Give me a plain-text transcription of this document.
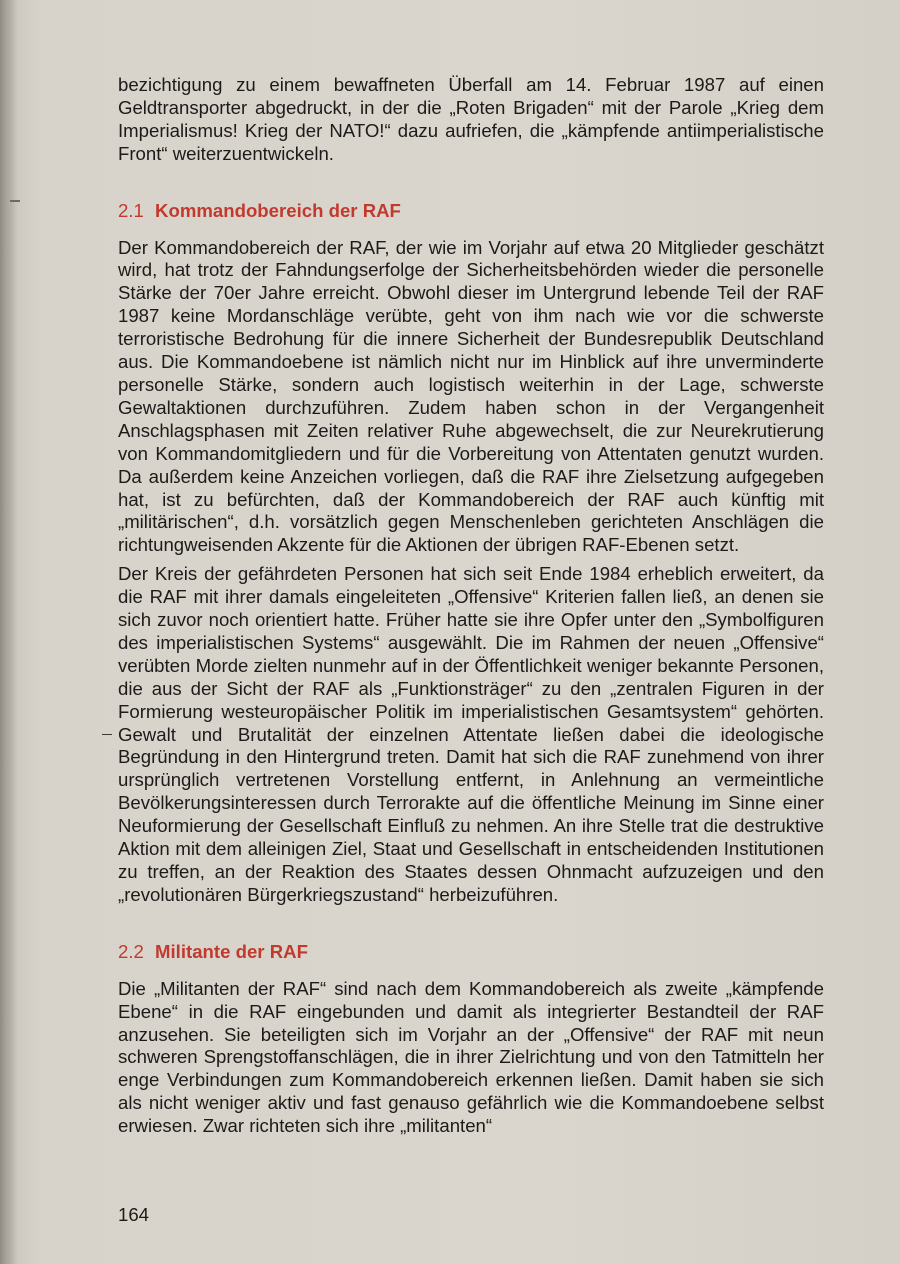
bezichtigung zu einem bewaffneten Überfall am 14. Februar 1987 auf einen Geldtransporter abgedruckt, in der die „Roten Brigaden“ mit der Parole „Krieg dem Imperialismus! Krieg der NATO!“ dazu aufriefen, die „kämpfende antiimperialistische Front“ weiterzuentwickeln.

2.1 Kommandobereich der RAF

Der Kommandobereich der RAF, der wie im Vorjahr auf etwa 20 Mitglieder geschätzt wird, hat trotz der Fahndungserfolge der Sicherheitsbehörden wieder die personelle Stärke der 70er Jahre erreicht. Obwohl dieser im Untergrund lebende Teil der RAF 1987 keine Mordanschläge verübte, geht von ihm nach wie vor die schwerste terroristische Bedrohung für die innere Sicherheit der Bundesrepublik Deutschland aus. Die Kommandoebene ist nämlich nicht nur im Hinblick auf ihre unverminderte personelle Stärke, sondern auch logistisch weiterhin in der Lage, schwerste Gewaltaktionen durchzuführen. Zudem haben schon in der Vergangenheit Anschlagsphasen mit Zeiten relativer Ruhe abgewechselt, die zur Neurekrutierung von Kommandomitgliedern und für die Vorbereitung von Attentaten genutzt wurden. Da außerdem keine Anzeichen vorliegen, daß die RAF ihre Zielsetzung aufgegeben hat, ist zu befürchten, daß der Kommandobereich der RAF auch künftig mit „militärischen“, d.h. vorsätzlich gegen Menschenleben gerichteten Anschlägen die richtungweisenden Akzente für die Aktionen der übrigen RAF-Ebenen setzt.

Der Kreis der gefährdeten Personen hat sich seit Ende 1984 erheblich erweitert, da die RAF mit ihrer damals eingeleiteten „Offensive“ Kriterien fallen ließ, an denen sie sich zuvor noch orientiert hatte. Früher hatte sie ihre Opfer unter den „Symbolfiguren des imperialistischen Systems“ ausgewählt. Die im Rahmen der neuen „Offensive“ verübten Morde zielten nunmehr auf in der Öffentlichkeit weniger bekannte Personen, die aus der Sicht der RAF als „Funktionsträger“ zu den „zentralen Figuren in der Formierung westeuropäischer Politik im imperialistischen Gesamtsystem“ gehörten. Gewalt und Brutalität der einzelnen Attentate ließen dabei die ideologische Begründung in den Hintergrund treten. Damit hat sich die RAF zunehmend von ihrer ursprünglich vertretenen Vorstellung entfernt, in Anlehnung an vermeintliche Bevölkerungsinteressen durch Terrorakte auf die öffentliche Meinung im Sinne einer Neuformierung der Gesellschaft Einfluß zu nehmen. An ihre Stelle trat die destruktive Aktion mit dem alleinigen Ziel, Staat und Gesellschaft in entscheidenden Institutionen zu treffen, an der Reaktion des Staates dessen Ohnmacht aufzuzeigen und den „revolutionären Bürgerkriegszustand“ herbeizuführen.

2.2 Militante der RAF

Die „Militanten der RAF“ sind nach dem Kommandobereich als zweite „kämpfende Ebene“ in die RAF eingebunden und damit als integrierter Bestandteil der RAF anzusehen. Sie beteiligten sich im Vorjahr an der „Offensive“ der RAF mit neun schweren Sprengstoffanschlägen, die in ihrer Zielrichtung und von den Tatmitteln her enge Verbindungen zum Kommandobereich erkennen ließen. Damit haben sie sich als nicht weniger aktiv und fast genauso gefährlich wie die Kommandoebene selbst erwiesen. Zwar richteten sich ihre „militanten“

164
